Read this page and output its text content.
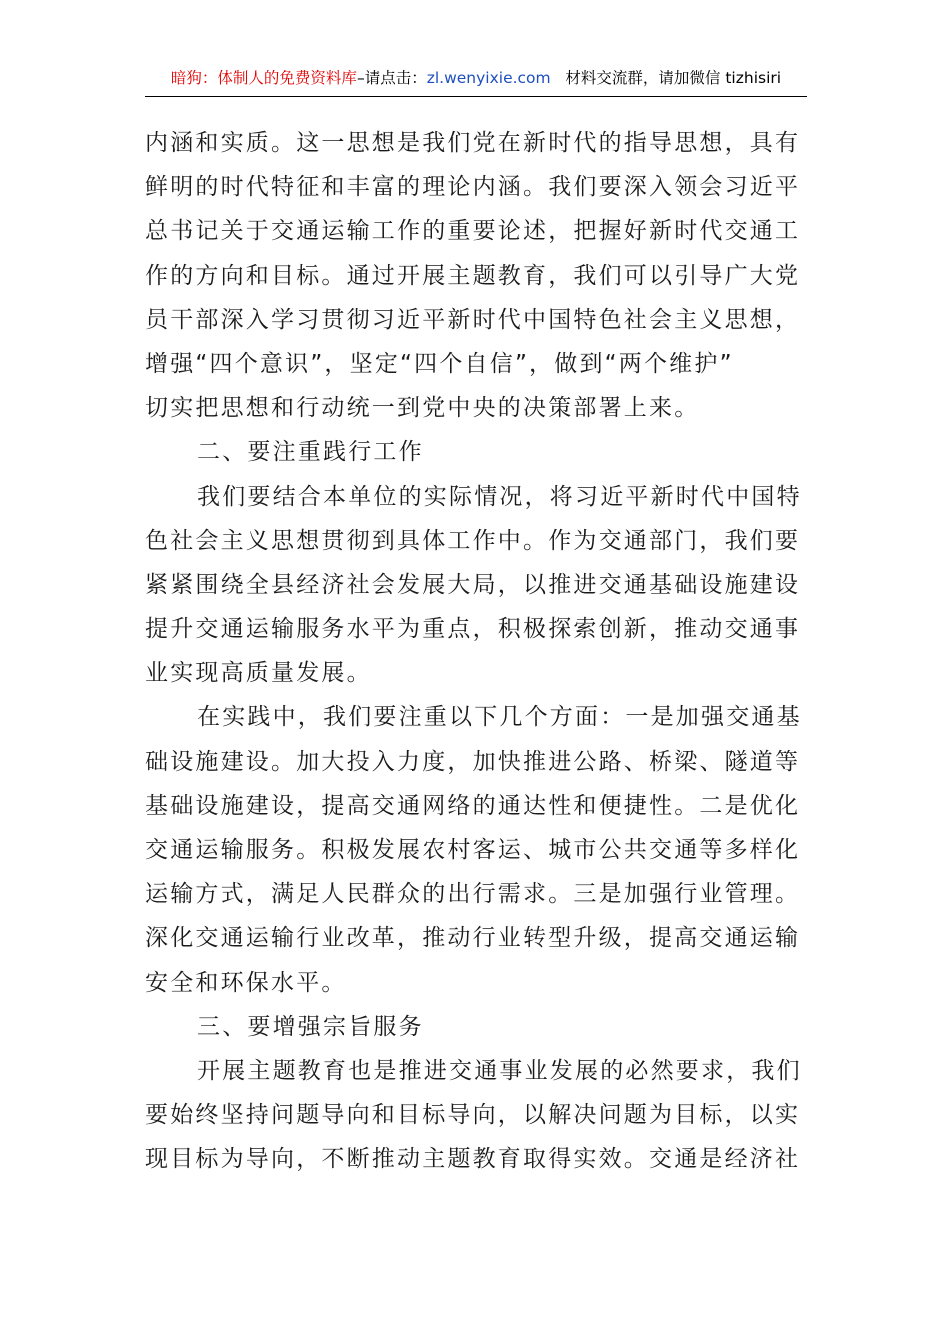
暗狗：体制人的免费资料库–请点击：zl.wenyixie.com 材料交流群，请加微信 tizhisiri
内涵和实质。这一思想是我们党在新时代的指导思想，具有
鲜明的时代特征和丰富的理论内涵。我们要深入领会习近平
总书记关于交通运输工作的重要论述，把握好新时代交通工
作的方向和目标。通过开展主题教育，我们可以引导广大党
员干部深入学习贯彻习近平新时代中国特色社会主义思想，
增强“四个意识”，坚定“四个自信”，做到“两个维护”
切实把思想和行动统一到党中央的决策部署上来。
二、要注重践行工作
我们要结合本单位的实际情况，将习近平新时代中国特
色社会主义思想贯彻到具体工作中。作为交通部门，我们要
紧紧围绕全县经济社会发展大局，以推进交通基础设施建设
提升交通运输服务水平为重点，积极探索创新，推动交通事
业实现高质量发展。
在实践中，我们要注重以下几个方面：一是加强交通基
础设施建设。加大投入力度，加快推进公路、桥梁、隧道等
基础设施建设，提高交通网络的通达性和便捷性。二是优化
交通运输服务。积极发展农村客运、城市公共交通等多样化
运输方式，满足人民群众的出行需求。三是加强行业管理。
深化交通运输行业改革，推动行业转型升级，提高交通运输
安全和环保水平。
三、要增强宗旨服务
开展主题教育也是推进交通事业发展的必然要求，我们
要始终坚持问题导向和目标导向，以解决问题为目标，以实
现目标为导向，不断推动主题教育取得实效。交通是经济社
